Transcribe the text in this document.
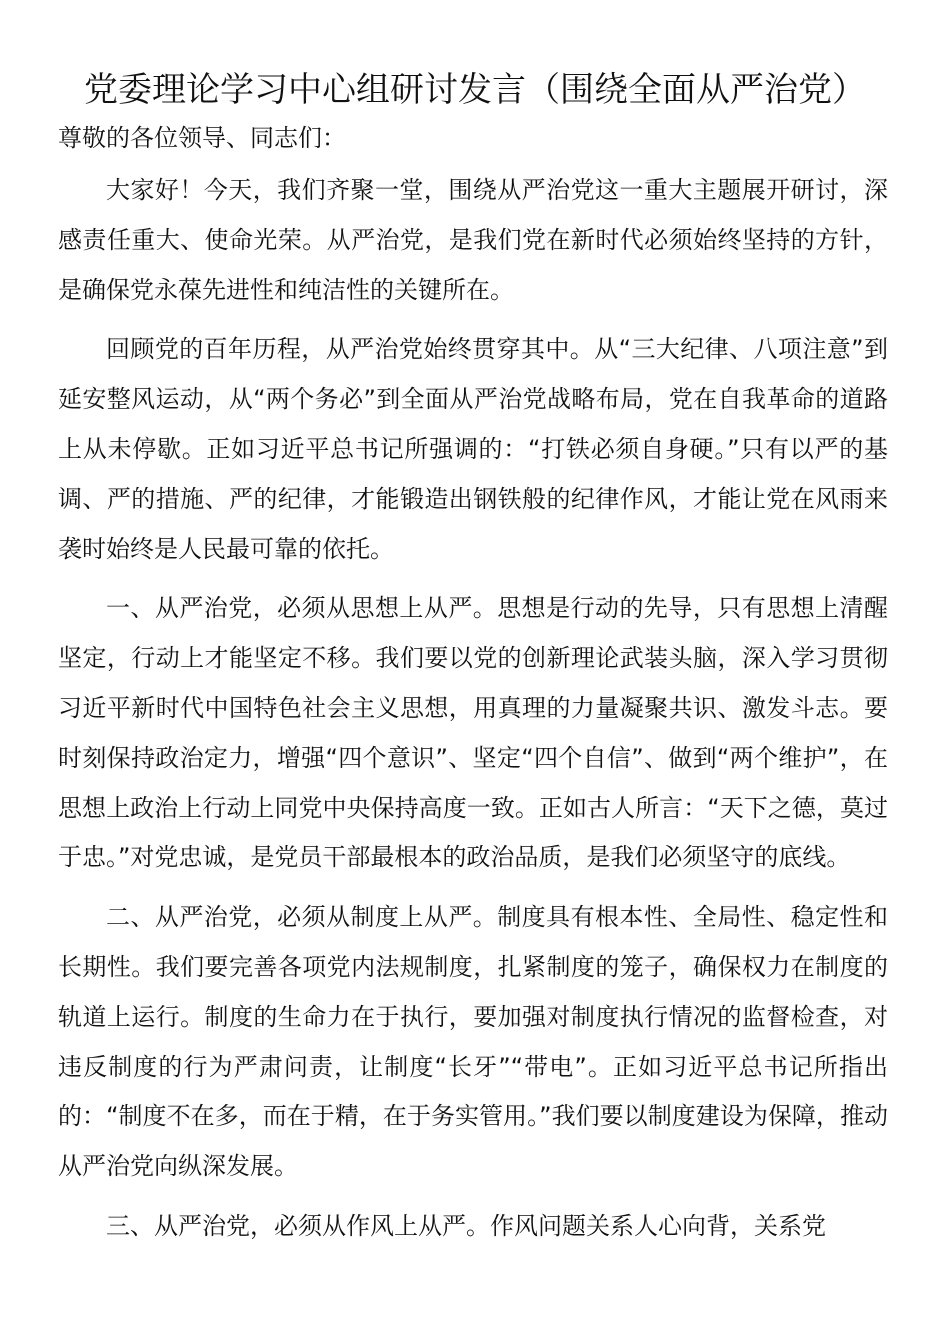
党委理论学习中心组研讨发言（围绕全面从严治党）

尊敬的各位领导、同志们：

大家好！今天，我们齐聚一堂，围绕从严治党这一重大主题展开研讨，深感责任重大、使命光荣。从严治党，是我们党在新时代必须始终坚持的方针，是确保党永葆先进性和纯洁性的关键所在。

回顾党的百年历程，从严治党始终贯穿其中。从“三大纪律、八项注意”到延安整风运动，从“两个务必”到全面从严治党战略布局，党在自我革命的道路上从未停歇。正如习近平总书记所强调的：“打铁必须自身硬。”只有以严的基调、严的措施、严的纪律，才能锻造出钢铁般的纪律作风，才能让党在风雨来袭时始终是人民最可靠的依托。

一、从严治党，必须从思想上从严。思想是行动的先导，只有思想上清醒坚定，行动上才能坚定不移。我们要以党的创新理论武装头脑，深入学习贯彻习近平新时代中国特色社会主义思想，用真理的力量凝聚共识、激发斗志。要时刻保持政治定力，增强“四个意识”、坚定“四个自信”、做到“两个维护”，在思想上政治上行动上同党中央保持高度一致。正如古人所言：“天下之德，莫过于忠。”对党忠诚，是党员干部最根本的政治品质，是我们必须坚守的底线。

二、从严治党，必须从制度上从严。制度具有根本性、全局性、稳定性和长期性。我们要完善各项党内法规制度，扎紧制度的笼子，确保权力在制度的轨道上运行。制度的生命力在于执行，要加强对制度执行情况的监督检查，对违反制度的行为严肃问责，让制度“长牙”“带电”。正如习近平总书记所指出的：“制度不在多，而在于精，在于务实管用。”我们要以制度建设为保障，推动从严治党向纵深发展。

三、从严治党，必须从作风上从严。作风问题关系人心向背，关系党
